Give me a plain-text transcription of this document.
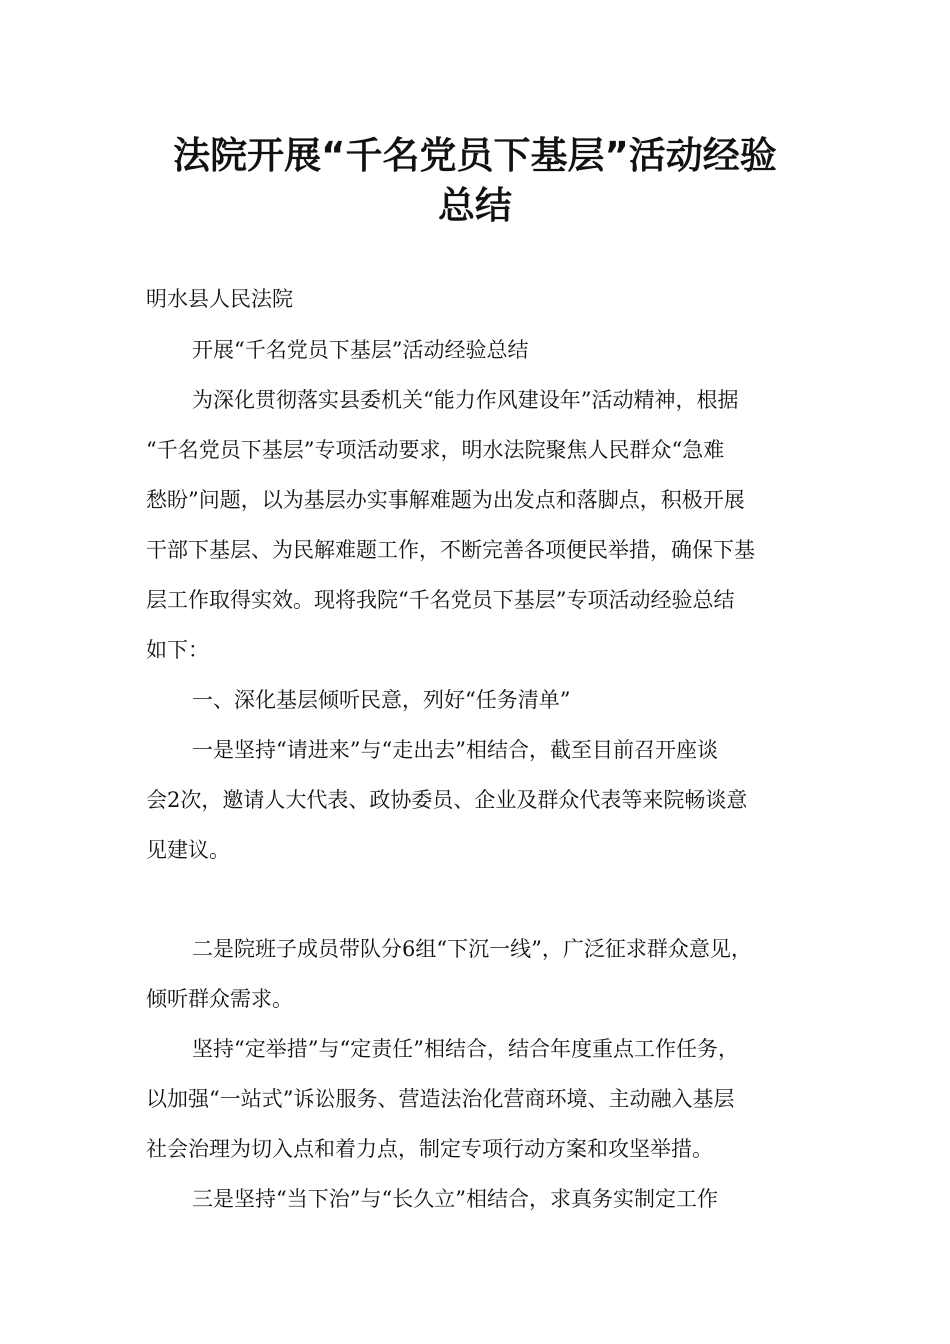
法院开展“千名党员下基层”活动经验
总结

明水县人民法院

开展“千名党员下基层”活动经验总结

为深化贯彻落实县委机关“能力作风建设年”活动精神，根据

“千名党员下基层”专项活动要求，明水法院聚焦人民群众“急难

愁盼”问题，以为基层办实事解难题为出发点和落脚点，积极开展

干部下基层、为民解难题工作，不断完善各项便民举措，确保下基

层工作取得实效。现将我院“千名党员下基层”专项活动经验总结

如下：

一、深化基层倾听民意，列好“任务清单”

一是坚持“请进来”与“走出去”相结合，截至目前召开座谈

会2次，邀请人大代表、政协委员、企业及群众代表等来院畅谈意

见建议。

二是院班子成员带队分6组“下沉一线”，广泛征求群众意见，

倾听群众需求。

坚持“定举措”与“定责任”相结合，结合年度重点工作任务，

以加强“一站式”诉讼服务、营造法治化营商环境、主动融入基层

社会治理为切入点和着力点，制定专项行动方案和攻坚举措。

三是坚持“当下治”与“长久立”相结合，求真务实制定工作
